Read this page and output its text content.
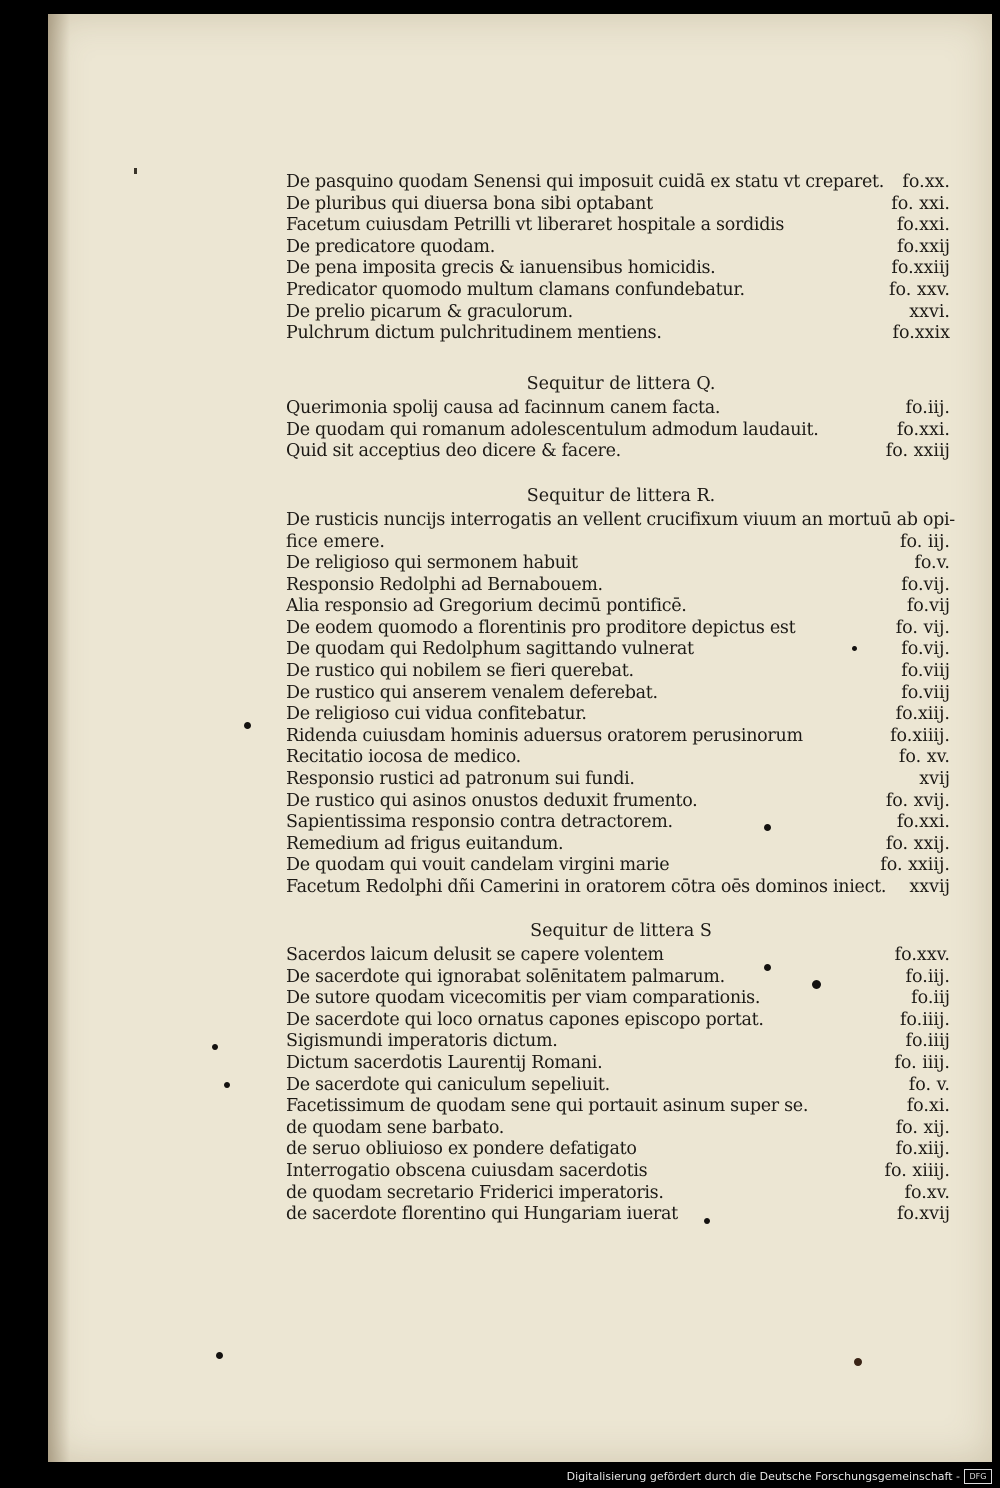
De pasquino quodam Senensi qui imposuit cuidā ex statu vt creparet. fo.xx.
De pluribus qui diuersa bona sibi optabant	fo. xxi.
Facetum cuiusdam Petrilli vt liberaret hospitale a sordidis	fo.xxi.
De predicatore quodam.	fo.xxij
De pena imposita grecis & ianuensibus homicidis.	fo.xxiij
Predicator quomodo multum clamans confundebatur.	fo. xxv.
De prelio picarum & graculorum.	xxvi.
Pulchrum dictum pulchritudinem mentiens.	fo.xxix
Sequitur de littera Q.
Querimonia spolij causa ad facinnum canem facta.	fo.iij.
De quodam qui romanum adolescentulum admodum laudauit.	fo.xxi.
Quid sit acceptius deo dicere & facere.	fo. xxiij
Sequitur de littera R.
De rusticis nuncijs interrogatis an vellent crucifixum viuum an mortuū ab opi-
fice emere.	fo. iij.
De religioso qui sermonem habuit	fo.v.
Responsio Redolphi ad Bernabouem.	fo.vij.
Alia responsio ad Gregorium decimū pontificē.	fo.vij
De eodem quomodo a florentinis pro proditore depictus est	fo. vij.
De quodam qui Redolphum sagittando vulnerat	fo.vij.
De rustico qui nobilem se fieri querebat.	fo.viij
De rustico qui anserem venalem deferebat.	fo.viij
De religioso cui vidua confitebatur.	fo.xiij.
Ridenda cuiusdam hominis aduersus oratorem perusinorum	fo.xiiij.
Recitatio iocosa de medico.	fo. xv.
Responsio rustici ad patronum sui fundi.	xvij
De rustico qui asinos onustos deduxit frumento.	fo. xvij.
Sapientissima responsio contra detractorem.	fo.xxi.
Remedium ad frigus euitandum.	fo. xxij.
De quodam qui vouit candelam virgini marie	fo. xxiij.
Facetum Redolphi dñi Camerini in oratorem cōtra oēs dominos iniect. xxvij
Sequitur de littera S
Sacerdos laicum delusit se capere volentem	fo.xxv.
De sacerdote qui ignorabat solēnitatem palmarum.	fo.iij.
De sutore quodam vicecomitis per viam comparationis.	fo.iij
De sacerdote qui loco ornatus capones episcopo portat.	fo.iiij.
Sigismundi imperatoris dictum.	fo.iiij
Dictum sacerdotis Laurentij Romani.	fo. iiij.
De sacerdote qui caniculum sepeliuit.	fo. v.
Facetissimum de quodam sene qui portauit asinum super se.	fo.xi.
de quodam sene barbato.	fo. xij.
de seruo obliuioso ex pondere defatigato	fo.xiij.
Interrogatio obscena cuiusdam sacerdotis	fo. xiiij.
de quodam secretario Friderici imperatoris.	fo.xv.
de sacerdote florentino qui Hungariam iuerat	fo.xvij
Digitalisierung gefördert durch die Deutsche Forschungsgemeinschaft -	DFG
